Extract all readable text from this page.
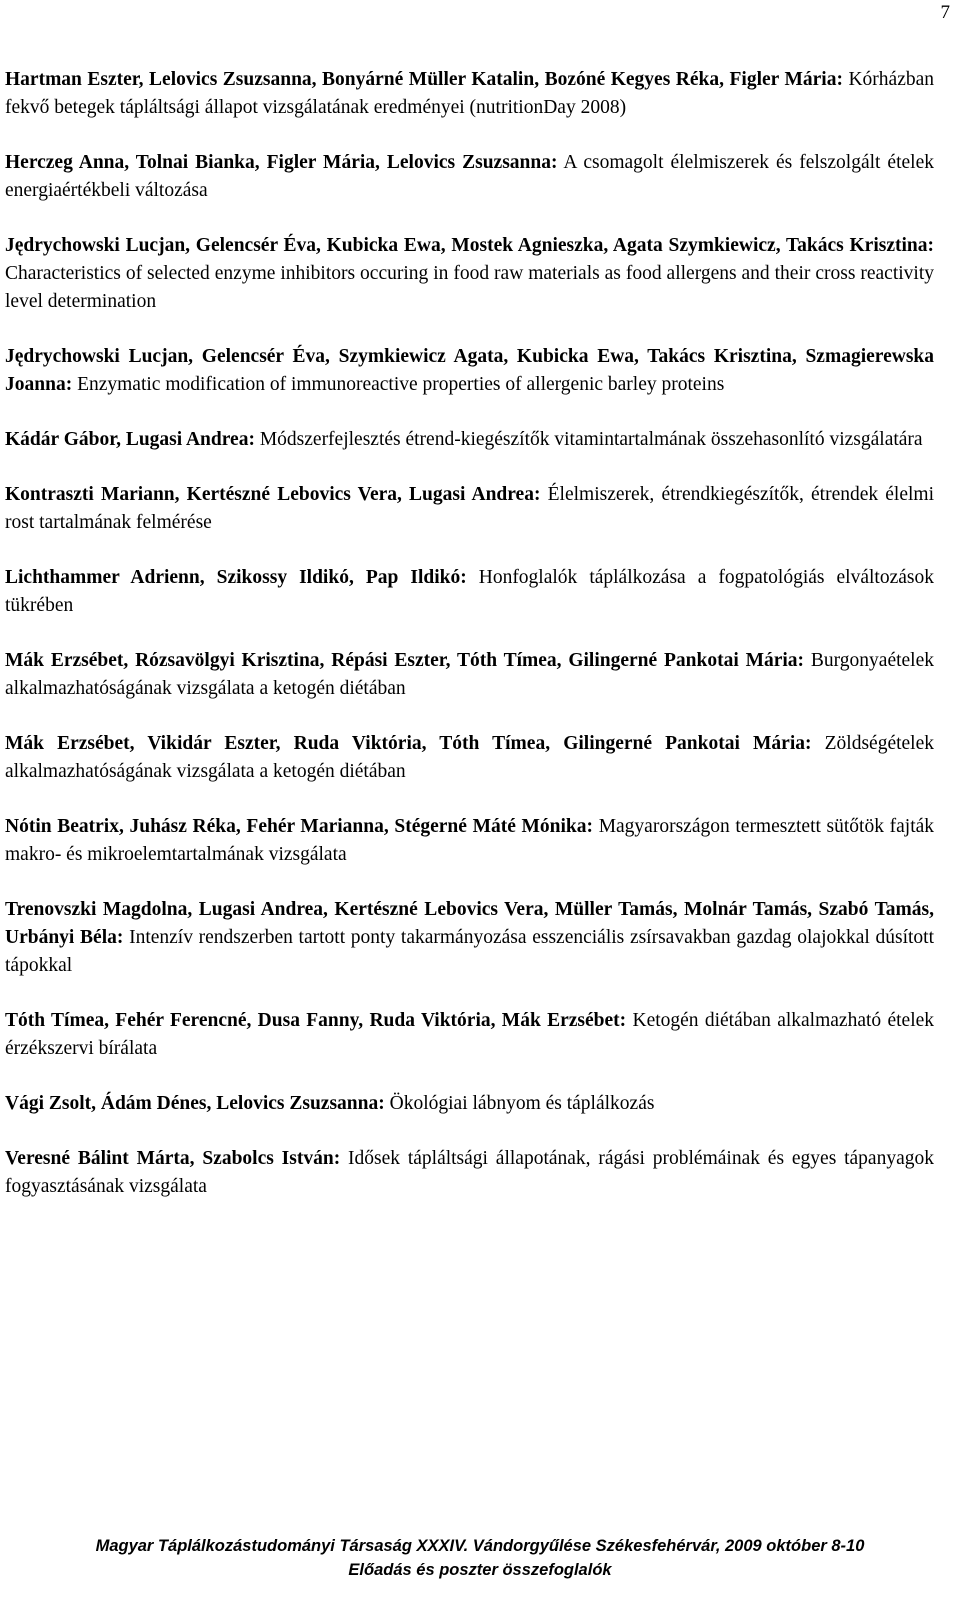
7

Hartman Eszter, Lelovics Zsuzsanna, Bonyárné Müller Katalin, Bozóné Kegyes Réka, Figler Mária: Kórházban fekvő betegek tápláltsági állapot vizsgálatának eredményei (nutritionDay 2008)

Herczeg Anna, Tolnai Bianka, Figler Mária, Lelovics Zsuzsanna: A csomagolt élelmiszerek és felszolgált ételek energiaértékbeli változása

Jędrychowski Lucjan, Gelencsér Éva, Kubicka Ewa, Mostek Agnieszka, Agata Szymkiewicz, Takács Krisztina: Characteristics of selected enzyme inhibitors occuring in food raw materials as food allergens and their cross reactivity level determination

Jędrychowski Lucjan, Gelencsér Éva, Szymkiewicz Agata, Kubicka Ewa, Takács Krisztina, Szmagierewska Joanna: Enzymatic modification of immunoreactive properties of allergenic barley proteins

Kádár Gábor, Lugasi Andrea: Módszerfejlesztés étrend-kiegészítők vitamintartalmának összehasonlító vizsgálatára

Kontraszti Mariann, Kertészné Lebovics Vera, Lugasi Andrea: Élelmiszerek, étrendkiegészítők, étrendek élelmi rost tartalmának felmérése

Lichthammer Adrienn, Szikossy Ildikó, Pap Ildikó: Honfoglalók táplálkozása a fogpatológiás elváltozások tükrében

Mák Erzsébet, Rózsavölgyi Krisztina, Répási Eszter, Tóth Tímea, Gilingerné Pankotai Mária: Burgonyaételek alkalmazhatóságának vizsgálata a ketogén diétában

Mák Erzsébet, Vikidár Eszter, Ruda Viktória, Tóth Tímea, Gilingerné Pankotai Mária: Zöldségételek alkalmazhatóságának vizsgálata a ketogén diétában

Nótin Beatrix, Juhász Réka, Fehér Marianna, Stégerné Máté Mónika: Magyarországon termesztett sütőtök fajták makro- és mikroelemtartalmának vizsgálata

Trenovszki Magdolna, Lugasi Andrea, Kertészné Lebovics Vera, Müller Tamás, Molnár Tamás, Szabó Tamás, Urbányi Béla: Intenzív rendszerben tartott ponty takarmányozása esszenciális zsírsavakban gazdag olajokkal dúsított tápokkal

Tóth Tímea, Fehér Ferencné, Dusa Fanny, Ruda Viktória, Mák Erzsébet: Ketogén diétában alkalmazható ételek érzékszervi bírálata

Vági Zsolt, Ádám Dénes, Lelovics Zsuzsanna: Ökológiai lábnyom és táplálkozás

Veresné Bálint Márta, Szabolcs István: Idősek tápláltsági állapotának, rágási problémáinak és egyes tápanyagok fogyasztásának vizsgálata

Magyar Táplálkozástudományi Társaság XXXIV. Vándorgyűlése Székesfehérvár, 2009 október 8-10
Előadás és poszter összefoglalók
